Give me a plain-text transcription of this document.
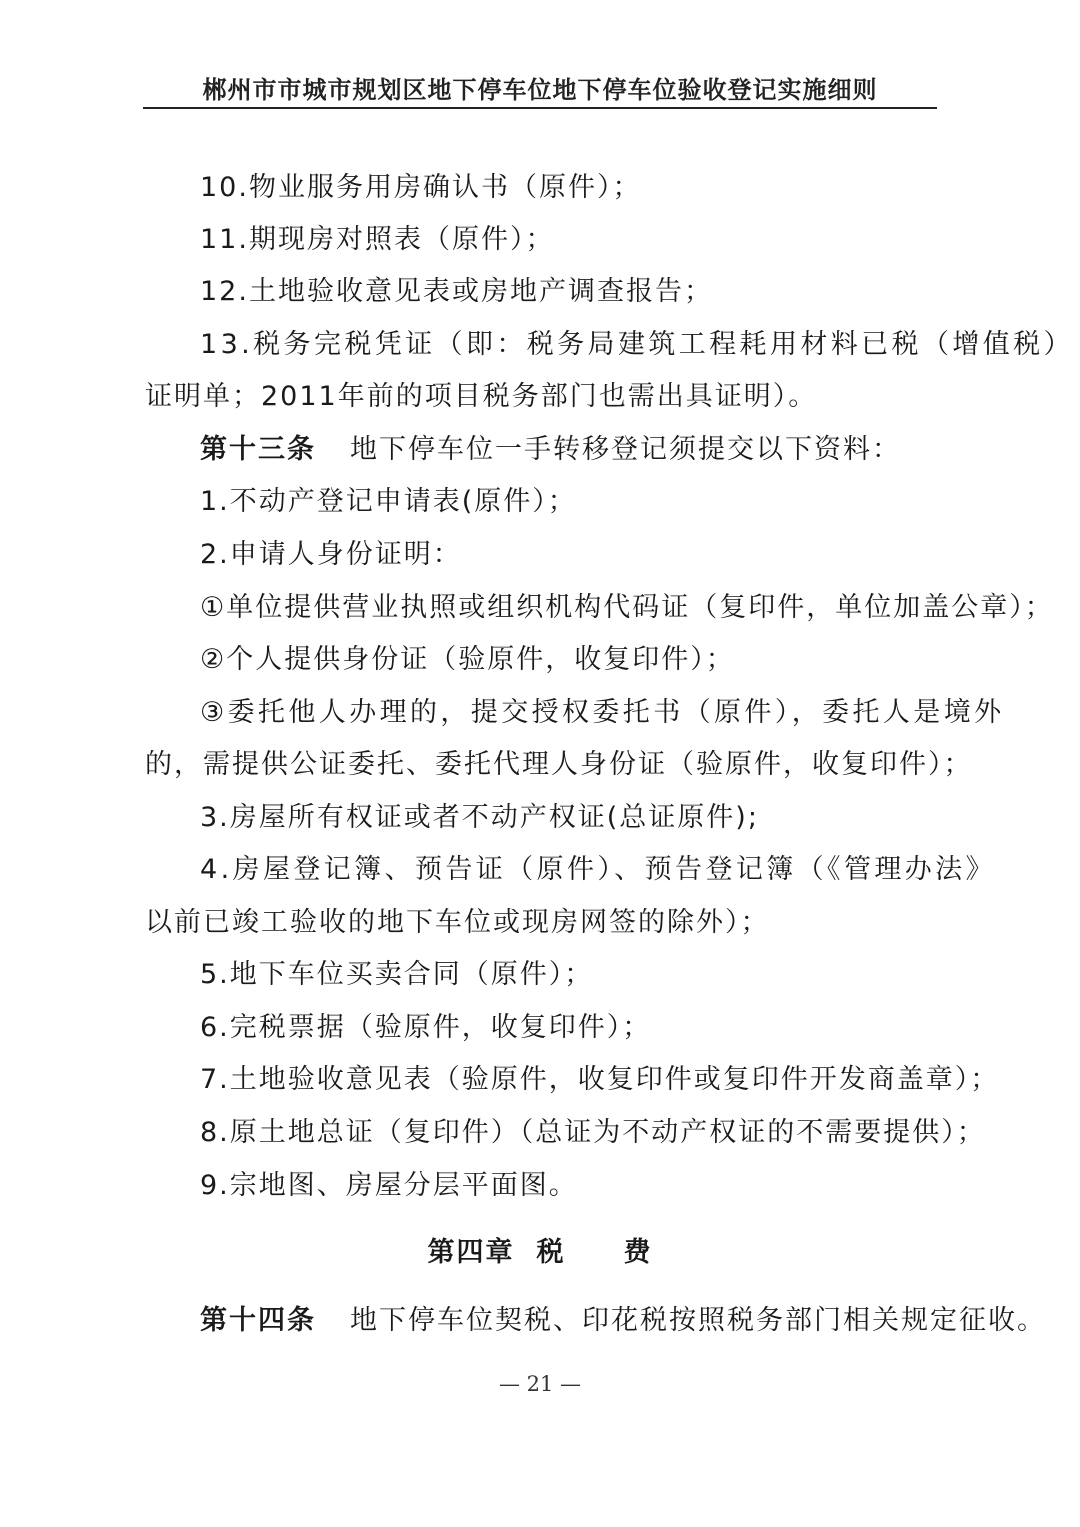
郴州市市城市规划区地下停车位地下停车位验收登记实施细则
10.物业服务用房确认书（原件）；
11.期现房对照表（原件）；
12.土地验收意见表或房地产调查报告；
13.税务完税凭证（即：税务局建筑工程耗用材料已税（增值税）
证明单；2011年前的项目税务部门也需出具证明）。
第十三条 地下停车位一手转移登记须提交以下资料：
1.不动产登记申请表(原件）；
2.申请人身份证明：
①单位提供营业执照或组织机构代码证（复印件，单位加盖公章）；
②个人提供身份证（验原件，收复印件）；
③委托他人办理的，提交授权委托书（原件），委托人是境外
的，需提供公证委托、委托代理人身份证（验原件，收复印件）；
3.房屋所有权证或者不动产权证(总证原件);
4.房屋登记簿、预告证（原件）、预告登记簿（《管理办法》
以前已竣工验收的地下车位或现房网签的除外）；
5.地下车位买卖合同（原件）；
6.完税票据（验原件，收复印件）；
7.土地验收意见表（验原件，收复印件或复印件开发商盖章）；
8.原土地总证（复印件）（总证为不动产权证的不需要提供）；
9.宗地图、房屋分层平面图。
第四章 税 费
第十四条 地下停车位契税、印花税按照税务部门相关规定征收。
— 21 —
